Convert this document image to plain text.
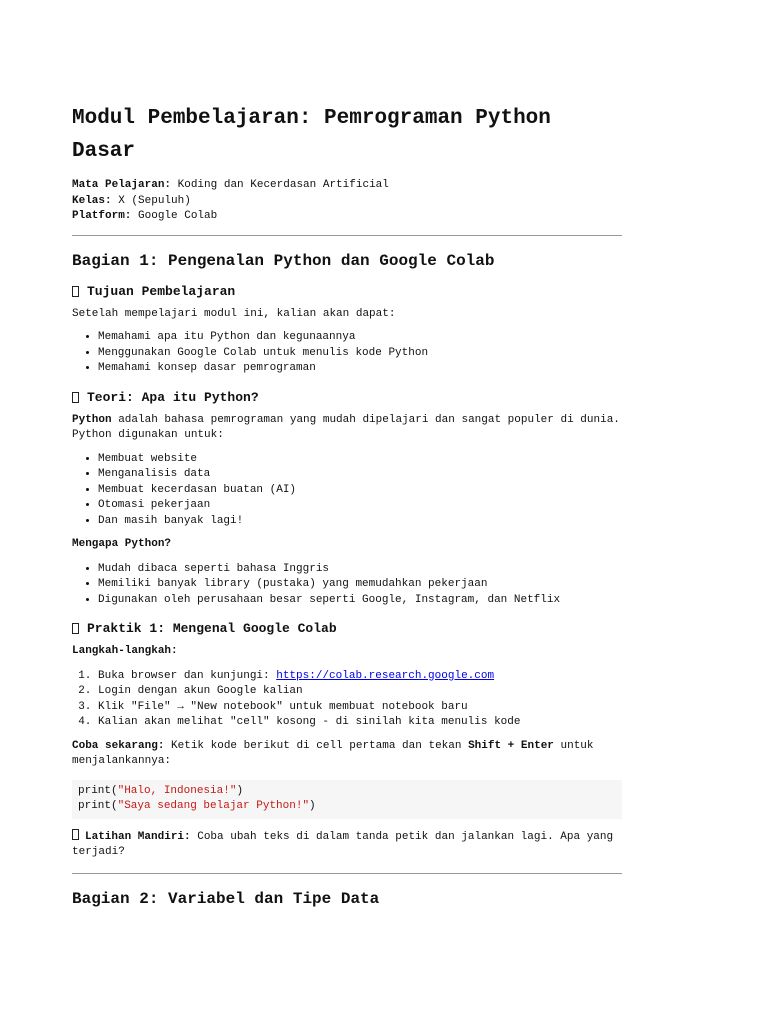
Modul Pembelajaran: Pemrograman Python Dasar
Mata Pelajaran: Koding dan Kecerdasan Artificial
Kelas: X (Sepuluh)
Platform: Google Colab
Bagian 1: Pengenalan Python dan Google Colab
Tujuan Pembelajaran

Setelah mempelajari modul ini, kalian akan dapat:

• Memahami apa itu Python dan kegunaannya
• Menggunakan Google Colab untuk menulis kode Python
• Memahami konsep dasar pemrograman
Teori: Apa itu Python?

Python adalah bahasa pemrograman yang mudah dipelajari dan sangat populer di dunia. Python digunakan untuk:

• Membuat website
• Menganalisis data
• Membuat kecerdasan buatan (AI)
• Otomasi pekerjaan
• Dan masih banyak lagi!

Mengapa Python?

• Mudah dibaca seperti bahasa Inggris
• Memiliki banyak library (pustaka) yang memudahkan pekerjaan
• Digunakan oleh perusahaan besar seperti Google, Instagram, dan Netflix
Praktik 1: Mengenal Google Colab

Langkah-langkah:

1. Buka browser dan kunjungi: https://colab.research.google.com
2. Login dengan akun Google kalian
3. Klik "File" → "New notebook" untuk membuat notebook baru
4. Kalian akan melihat "cell" kosong - di sinilah kita menulis kode

Coba sekarang: Ketik kode berikut di cell pertama dan tekan Shift + Enter untuk menjalankannya:

print("Halo, Indonesia!")
print("Saya sedang belajar Python!")

Latihan Mandiri: Coba ubah teks di dalam tanda petik dan jalankan lagi. Apa yang terjadi?

Bagian 2: Variabel dan Tipe Data
